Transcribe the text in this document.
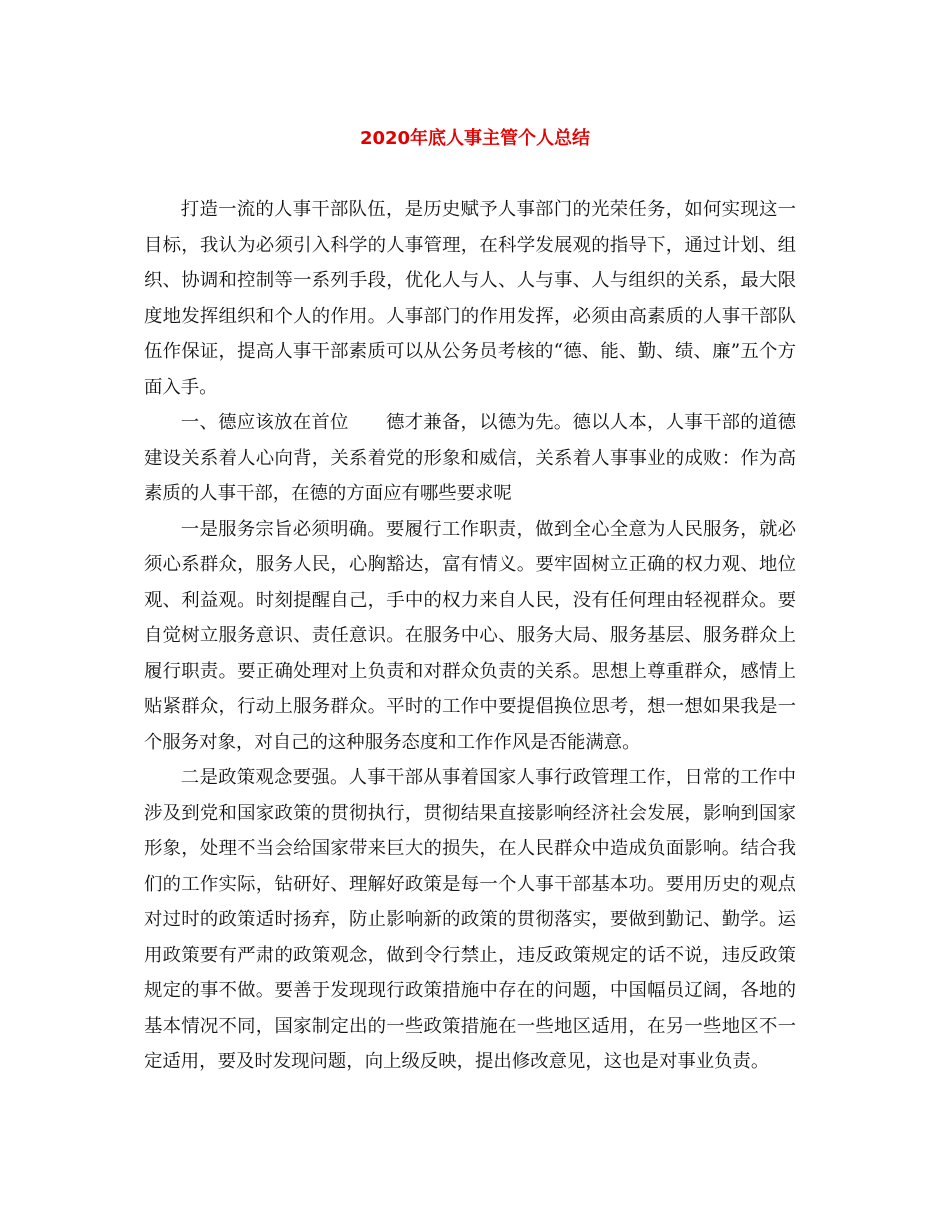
2020年底人事主管个人总结

打造一流的人事干部队伍，是历史赋予人事部门的光荣任务，如何实现这一目标，我认为必须引入科学的人事管理，在科学发展观的指导下，通过计划、组织、协调和控制等一系列手段，优化人与人、人与事、人与组织的关系，最大限度地发挥组织和个人的作用。人事部门的作用发挥，必须由高素质的人事干部队伍作保证，提高人事干部素质可以从公务员考核的“德、能、勤、绩、廉”五个方面入手。

一、德应该放在首位　　德才兼备，以德为先。德以人本，人事干部的道德建设关系着人心向背，关系着党的形象和威信，关系着人事事业的成败：作为高素质的人事干部，在德的方面应有哪些要求呢

一是服务宗旨必须明确。要履行工作职责，做到全心全意为人民服务，就必须心系群众，服务人民，心胸豁达，富有情义。要牢固树立正确的权力观、地位观、利益观。时刻提醒自己，手中的权力来自人民，没有任何理由轻视群众。要自觉树立服务意识、责任意识。在服务中心、服务大局、服务基层、服务群众上履行职责。要正确处理对上负责和对群众负责的关系。思想上尊重群众，感情上贴紧群众，行动上服务群众。平时的工作中要提倡换位思考，想一想如果我是一个服务对象，对自己的这种服务态度和工作作风是否能满意。

二是政策观念要强。人事干部从事着国家人事行政管理工作，日常的工作中涉及到党和国家政策的贯彻执行，贯彻结果直接影响经济社会发展，影响到国家形象，处理不当会给国家带来巨大的损失，在人民群众中造成负面影响。结合我们的工作实际，钻研好、理解好政策是每一个人事干部基本功。要用历史的观点对过时的政策适时扬弃，防止影响新的政策的贯彻落实，要做到勤记、勤学。运用政策要有严肃的政策观念，做到令行禁止，违反政策规定的话不说，违反政策规定的事不做。要善于发现现行政策措施中存在的问题，中国幅员辽阔，各地的基本情况不同，国家制定出的一些政策措施在一些地区适用，在另一些地区不一定适用，要及时发现问题，向上级反映，提出修改意见，这也是对事业负责。
